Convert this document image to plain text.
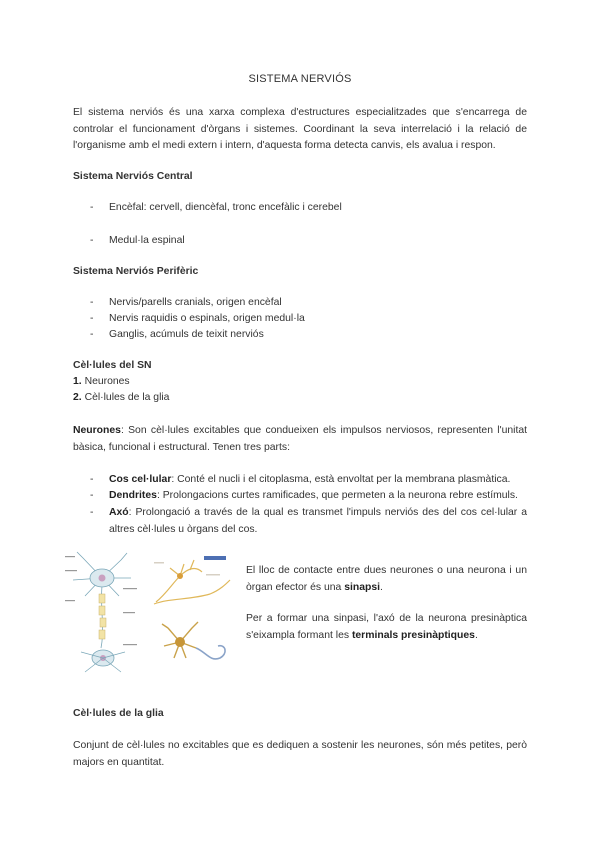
SISTEMA NERVIÓS
El sistema nerviós és una xarxa complexa d'estructures especialitzades que s'encarrega de controlar el funcionament d'òrgans i sistemes. Coordinant la seva interrelació i la relació de l'organisme amb el medi extern i intern, d'aquesta forma detecta canvis, els avalua i respon.
Sistema Nerviós Central
- Encèfal: cervell, diencèfal, tronc encefàlic i cerebel
- Medul·la espinal
Sistema Nerviós Perifèric
- Nervis/parells cranials, origen encèfal
- Nervis raquidis o espinals, origen medul·la
- Ganglis, acúmuls de teixit nerviós
Cèl·lules del SN
1. Neurones
2. Cèl·lules de la glia
Neurones: Son cèl·lules excitables que condueixen els impulsos nerviosos, representen l'unitat bàsica, funcional i estructural. Tenen tres parts:
- Cos cel·lular: Conté el nucli i el citoplasma, està envoltat per la membrana plasmàtica.
- Dendrites: Prolongacions curtes ramificades, que permeten a la neurona rebre estímuls.
- Axó: Prolongació a través de la qual es transmet l'impuls nerviós des del cos cel·lular a altres cèl·lules u òrgans del cos.
El lloc de contacte entre dues neurones o una neurona i un òrgan efector és una sinapsi.
Per a formar una sinpasi, l'axó de la neurona presinàptica s'eixampla formant les terminals presinàptiques.
Cèl·lules de la glia
Conjunt de cèl·lules no excitables que es dediquen a sostenir les neurones, són més petites, però majors en quantitat.
